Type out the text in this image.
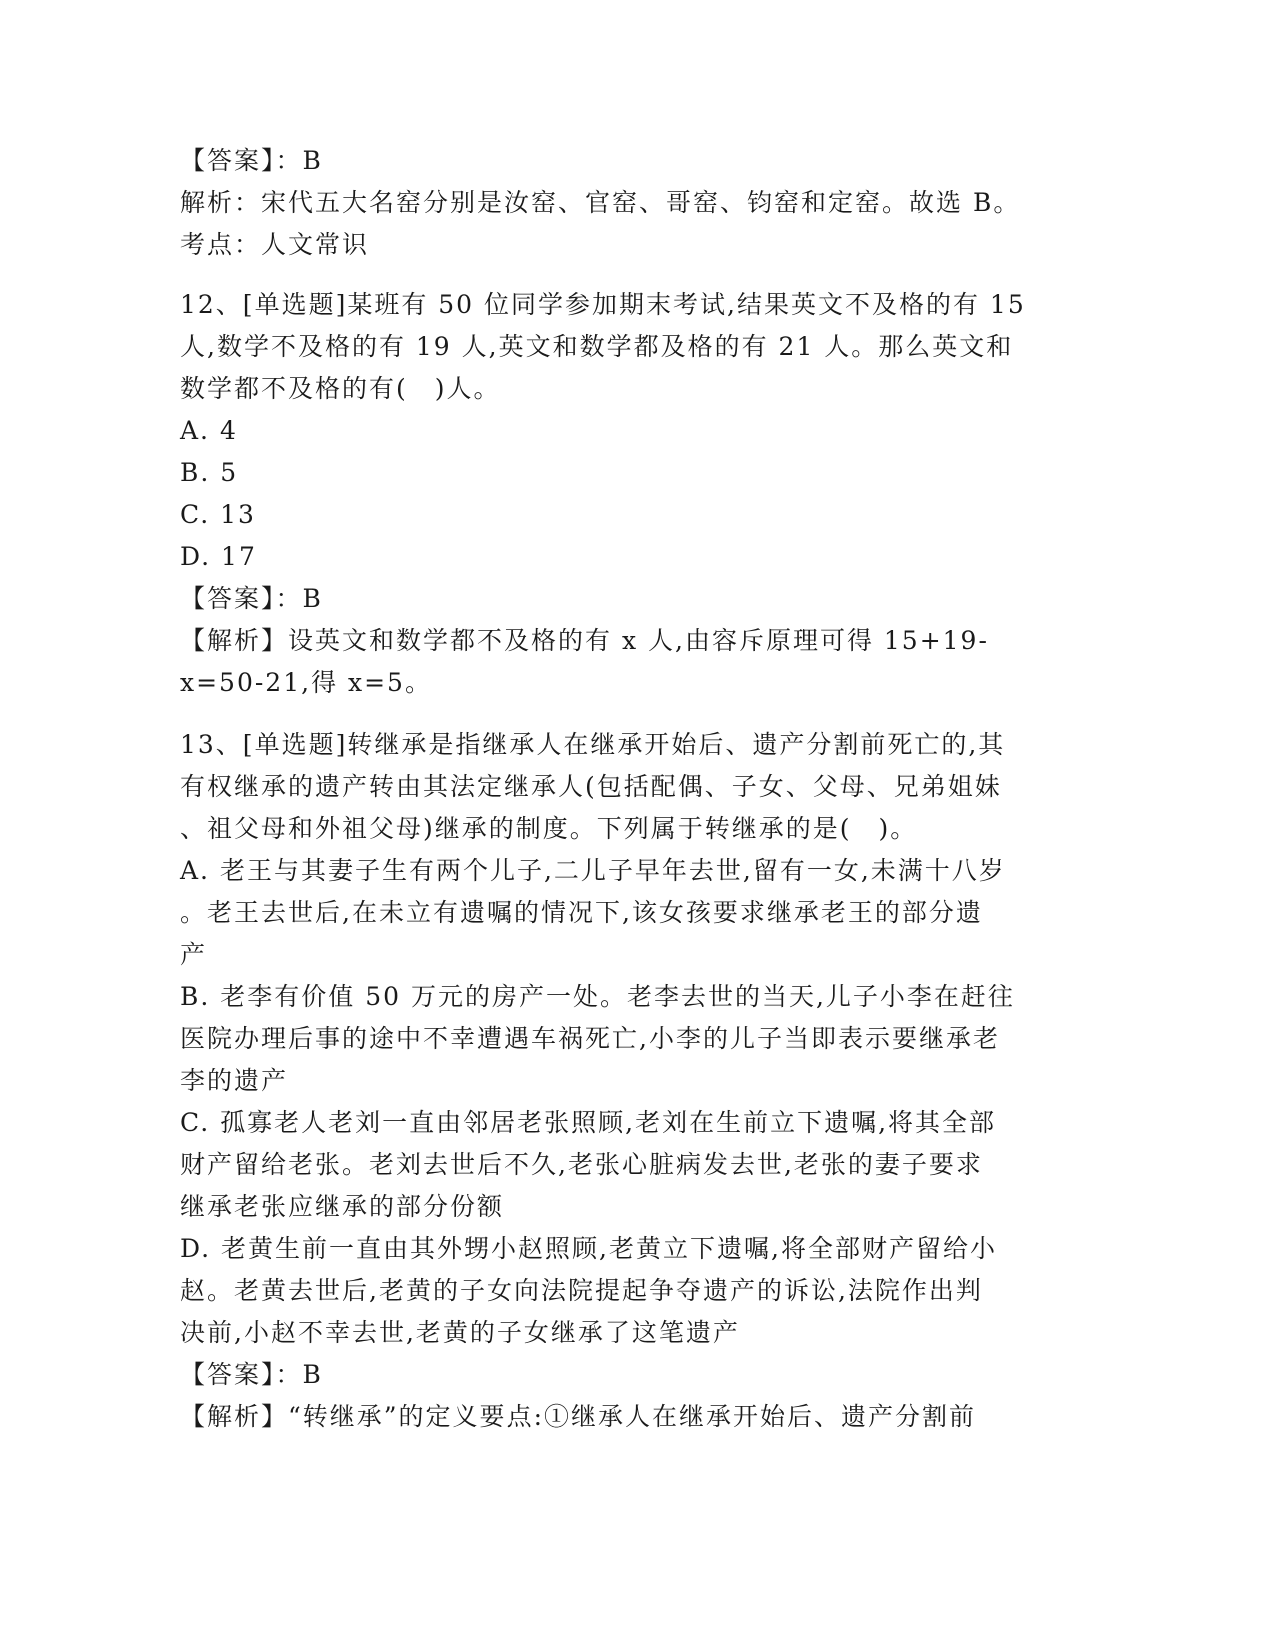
【答案】：B
解析：宋代五大名窑分别是汝窑、官窑、哥窑、钧窑和定窑。故选 B。
考点：人文常识
12、[单选题]某班有 50 位同学参加期末考试,结果英文不及格的有 15
人,数学不及格的有 19 人,英文和数学都及格的有 21 人。那么英文和
数学都不及格的有(　)人。
A. 4
B. 5
C. 13
D. 17
【答案】：B
【解析】设英文和数学都不及格的有 x 人,由容斥原理可得 15+19-
x=50-21,得 x=5。
13、[单选题]转继承是指继承人在继承开始后、遗产分割前死亡的,其
有权继承的遗产转由其法定继承人(包括配偶、子女、父母、兄弟姐妹
、祖父母和外祖父母)继承的制度。下列属于转继承的是(　)。
A. 老王与其妻子生有两个儿子,二儿子早年去世,留有一女,未满十八岁
。老王去世后,在未立有遗嘱的情况下,该女孩要求继承老王的部分遗
产
B. 老李有价值 50 万元的房产一处。老李去世的当天,儿子小李在赶往
医院办理后事的途中不幸遭遇车祸死亡,小李的儿子当即表示要继承老
李的遗产
C. 孤寡老人老刘一直由邻居老张照顾,老刘在生前立下遗嘱,将其全部
财产留给老张。老刘去世后不久,老张心脏病发去世,老张的妻子要求
继承老张应继承的部分份额
D. 老黄生前一直由其外甥小赵照顾,老黄立下遗嘱,将全部财产留给小
赵。老黄去世后,老黄的子女向法院提起争夺遗产的诉讼,法院作出判
决前,小赵不幸去世,老黄的子女继承了这笔遗产
【答案】：B
【解析】“转继承”的定义要点:①继承人在继承开始后、遗产分割前
